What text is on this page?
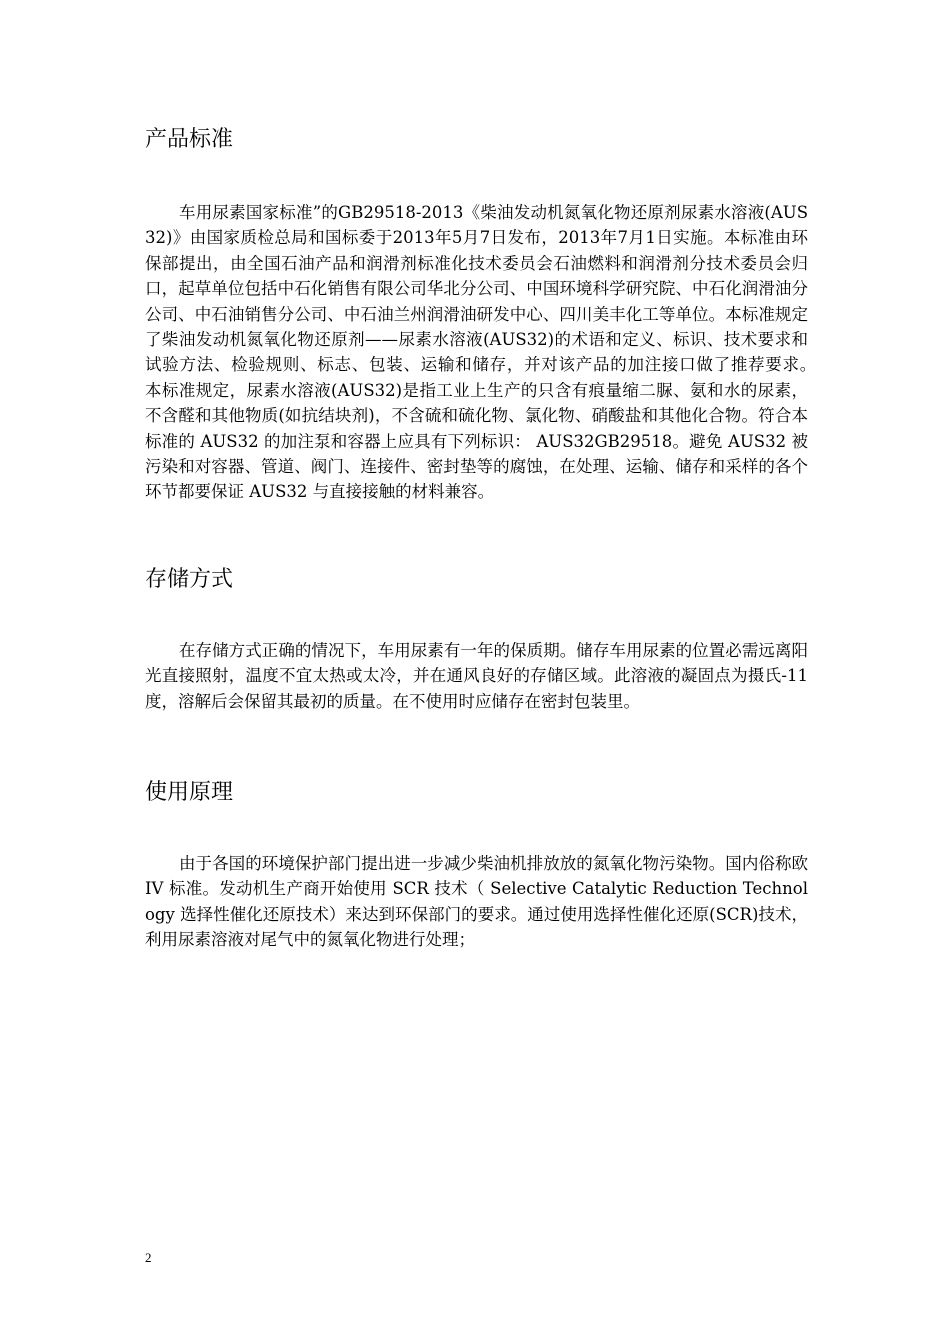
产品标准

车用尿素国家标准”的GB29518-2013《柴油发动机氮氧化物还原剂尿素水溶液(AUS32)》由国家质检总局和国标委于2013年5月7日发布，2013年7月1日实施。本标准由环保部提出，由全国石油产品和润滑剂标准化技术委员会石油燃料和润滑剂分技术委员会归口，起草单位包括中石化销售有限公司华北分公司、中国环境科学研究院、中石化润滑油分公司、中石油销售分公司、中石油兰州润滑油研发中心、四川美丰化工等单位。本标准规定了柴油发动机氮氧化物还原剂——尿素水溶液(AUS32)的术语和定义、标识、技术要求和试验方法、检验规则、标志、包装、运输和储存，并对该产品的加注接口做了推荐要求。　　本标准规定，尿素水溶液(AUS32)是指工业上生产的只含有痕量缩二脲、氨和水的尿素，不含醛和其他物质(如抗结块剂)，不含硫和硫化物、氯化物、硝酸盐和其他化合物。符合本标准的 AUS32 的加注泵和容器上应具有下列标识： AUS32GB29518。避免 AUS32 被污染和对容器、管道、阀门、连接件、密封垫等的腐蚀，在处理、运输、储存和采样的各个环节都要保证 AUS32 与直接接触的材料兼容。

存储方式

在存储方式正确的情况下，车用尿素有一年的保质期。储存车用尿素的位置必需远离阳光直接照射，温度不宜太热或太冷，并在通风良好的存储区域。此溶液的凝固点为摄氏-11度，溶解后会保留其最初的质量。在不使用时应储存在密封包装里。

使用原理

由于各国的环境保护部门提出进一步减少柴油机排放放的氮氧化物污染物。国内俗称欧 IV 标准。发动机生产商开始使用 SCR 技术（ Selective Catalytic Reduction Technology 选择性催化还原技术）来达到环保部门的要求。通过使用选择性催化还原(SCR)技术，利用尿素溶液对尾气中的氮氧化物进行处理；

2
